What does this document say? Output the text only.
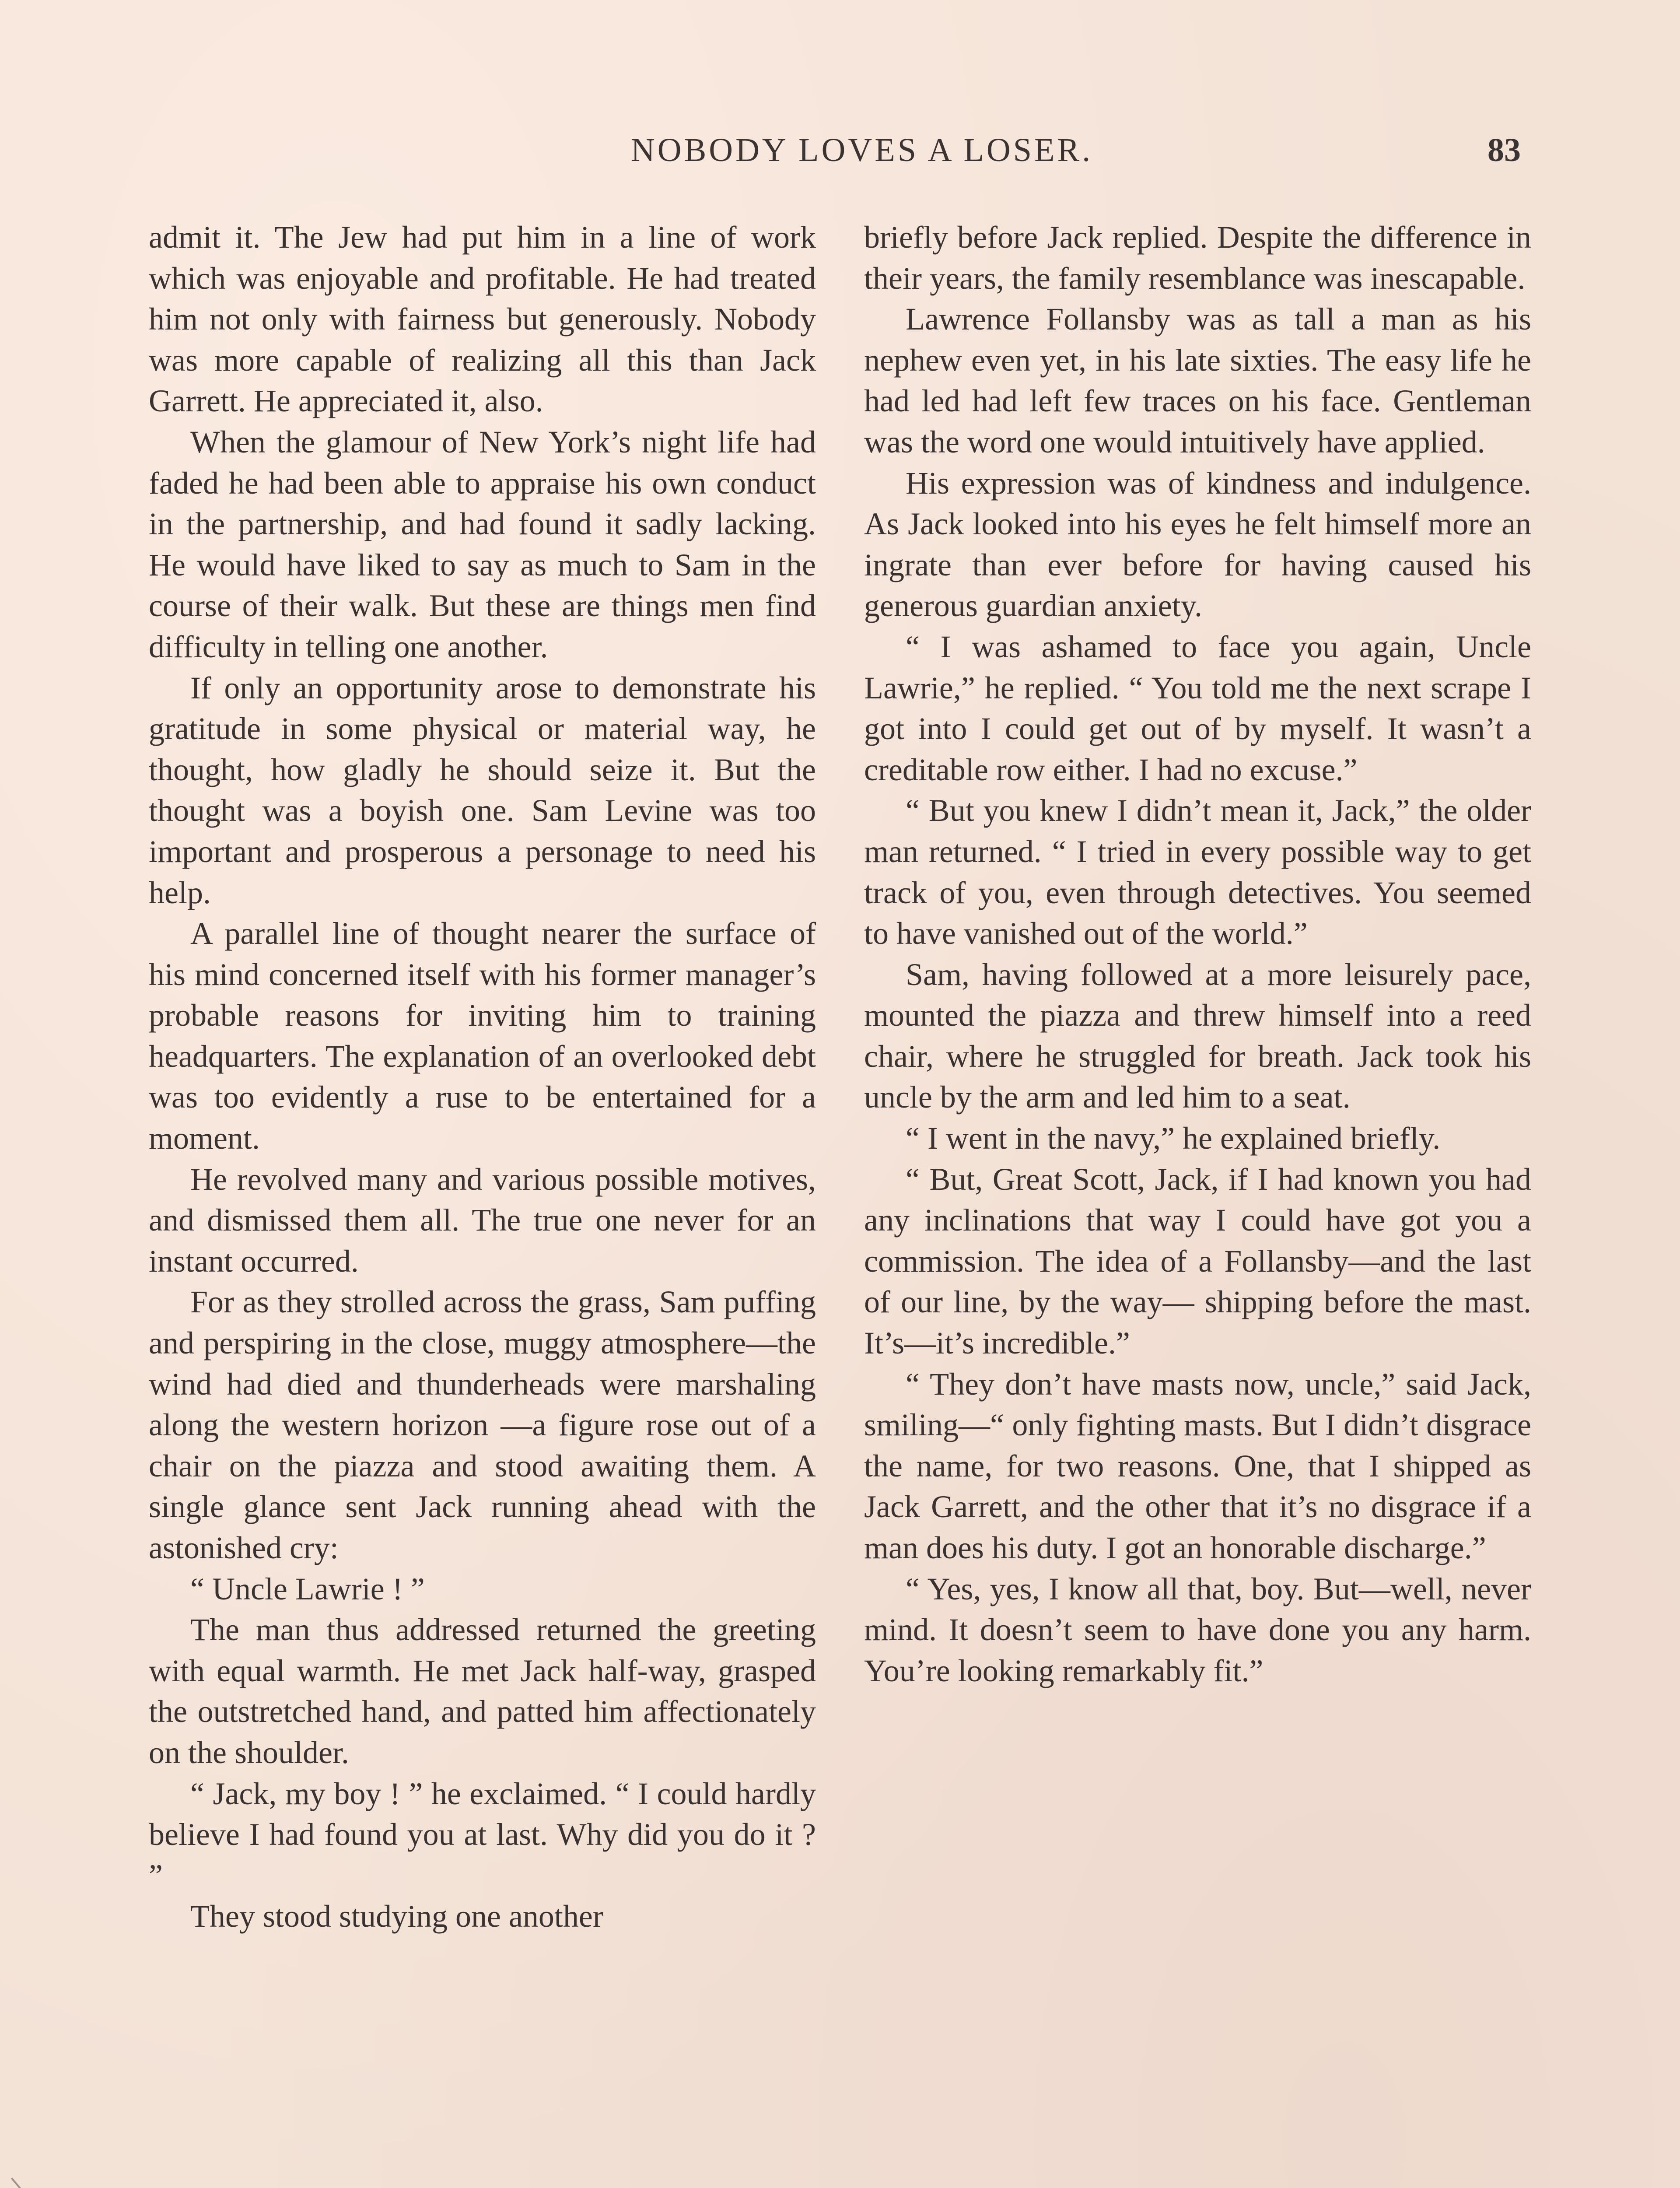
NOBODY LOVES A LOSER.	83

admit it. The Jew had put him in a line of work which was enjoyable and profitable. He had treated him not only with fairness but generously. Nobody was more capable of realizing all this than Jack Garrett. He appreciated it, also.

When the glamour of New York’s night life had faded he had been able to appraise his own conduct in the partnership, and had found it sadly lacking. He would have liked to say as much to Sam in the course of their walk. But these are things men find difficulty in telling one another.

If only an opportunity arose to demonstrate his gratitude in some physical or material way, he thought, how gladly he should seize it. But the thought was a boyish one. Sam Levine was too important and prosperous a personage to need his help.

A parallel line of thought nearer the surface of his mind concerned itself with his former manager’s probable reasons for inviting him to training headquarters. The explanation of an overlooked debt was too evidently a ruse to be entertained for a moment.

He revolved many and various possible motives, and dismissed them all. The true one never for an instant occurred.

For as they strolled across the grass, Sam puffing and perspiring in the close, muggy atmosphere—the wind had died and thunderheads were marshaling along the western horizon —a figure rose out of a chair on the piazza and stood awaiting them. A single glance sent Jack running ahead with the astonished cry:

“ Uncle Lawrie ! ”

The man thus addressed returned the greeting with equal warmth. He met Jack half-way, grasped the outstretched hand, and patted him affectionately on the shoulder.

“ Jack, my boy ! ” he exclaimed. “ I could hardly believe I had found you at last. Why did you do it ? ”

They stood studying one another

briefly before Jack replied. Despite the difference in their years, the family resemblance was inescapable.

Lawrence Follansby was as tall a man as his nephew even yet, in his late sixties. The easy life he had led had left few traces on his face. Gentleman was the word one would intuitively have applied.

His expression was of kindness and indulgence. As Jack looked into his eyes he felt himself more an ingrate than ever before for having caused his generous guardian anxiety.

“ I was ashamed to face you again, Uncle Lawrie,” he replied. “ You told me the next scrape I got into I could get out of by myself. It wasn’t a creditable row either. I had no excuse.”

“ But you knew I didn’t mean it, Jack,” the older man returned. “ I tried in every possible way to get track of you, even through detectives. You seemed to have vanished out of the world.”

Sam, having followed at a more leisurely pace, mounted the piazza and threw himself into a reed chair, where he struggled for breath. Jack took his uncle by the arm and led him to a seat.

“ I went in the navy,” he explained briefly.

“ But, Great Scott, Jack, if I had known you had any inclinations that way I could have got you a commission. The idea of a Follansby—and the last of our line, by the way— shipping before the mast. It’s—it’s incredible.”

“ They don’t have masts now, uncle,” said Jack, smiling—“ only fighting masts. But I didn’t disgrace the name, for two reasons. One, that I shipped as Jack Garrett, and the other that it’s no disgrace if a man does his duty. I got an honorable discharge.”

“ Yes, yes, I know all that, boy. But—well, never mind. It doesn’t seem to have done you any harm. You’re looking remarkably fit.”
